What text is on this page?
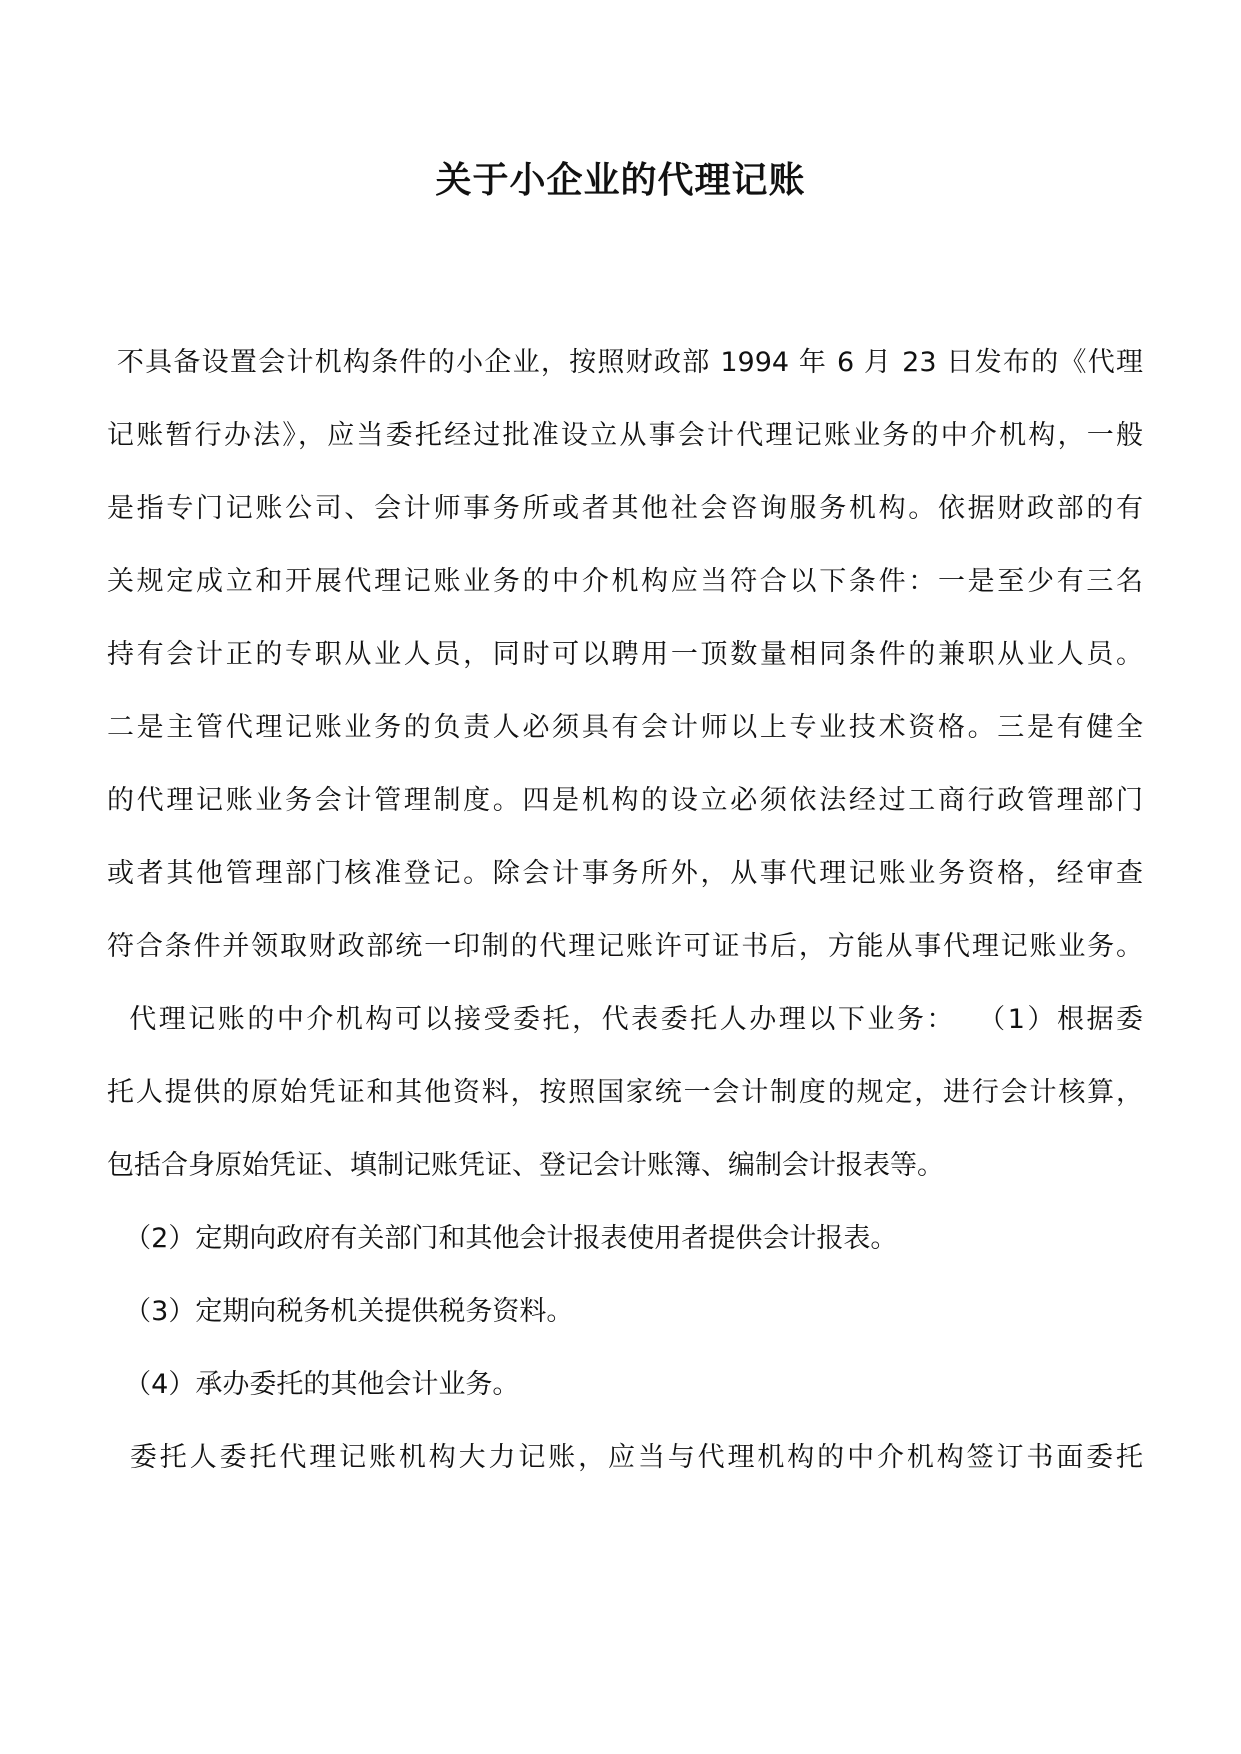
关于小企业的代理记账
不具备设置会计机构条件的小企业，按照财政部 1994 年 6 月 23 日发布的《代理
记账暂行办法》，应当委托经过批准设立从事会计代理记账业务的中介机构，一般
是指专门记账公司、会计师事务所或者其他社会咨询服务机构。依据财政部的有
关规定成立和开展代理记账业务的中介机构应当符合以下条件：一是至少有三名
持有会计正的专职从业人员，同时可以聘用一顶数量相同条件的兼职从业人员。
二是主管代理记账业务的负责人必须具有会计师以上专业技术资格。三是有健全
的代理记账业务会计管理制度。四是机构的设立必须依法经过工商行政管理部门
或者其他管理部门核准登记。除会计事务所外，从事代理记账业务资格，经审查
符合条件并领取财政部统一印制的代理记账许可证书后，方能从事代理记账业务。
代理记账的中介机构可以接受委托，代表委托人办理以下业务：  （1）根据委
托人提供的原始凭证和其他资料，按照国家统一会计制度的规定，进行会计核算，
包括合身原始凭证、填制记账凭证、登记会计账簿、编制会计报表等。
（2）定期向政府有关部门和其他会计报表使用者提供会计报表。
（3）定期向税务机关提供税务资料。
（4）承办委托的其他会计业务。
委托人委托代理记账机构大力记账，应当与代理机构的中介机构签订书面委托
